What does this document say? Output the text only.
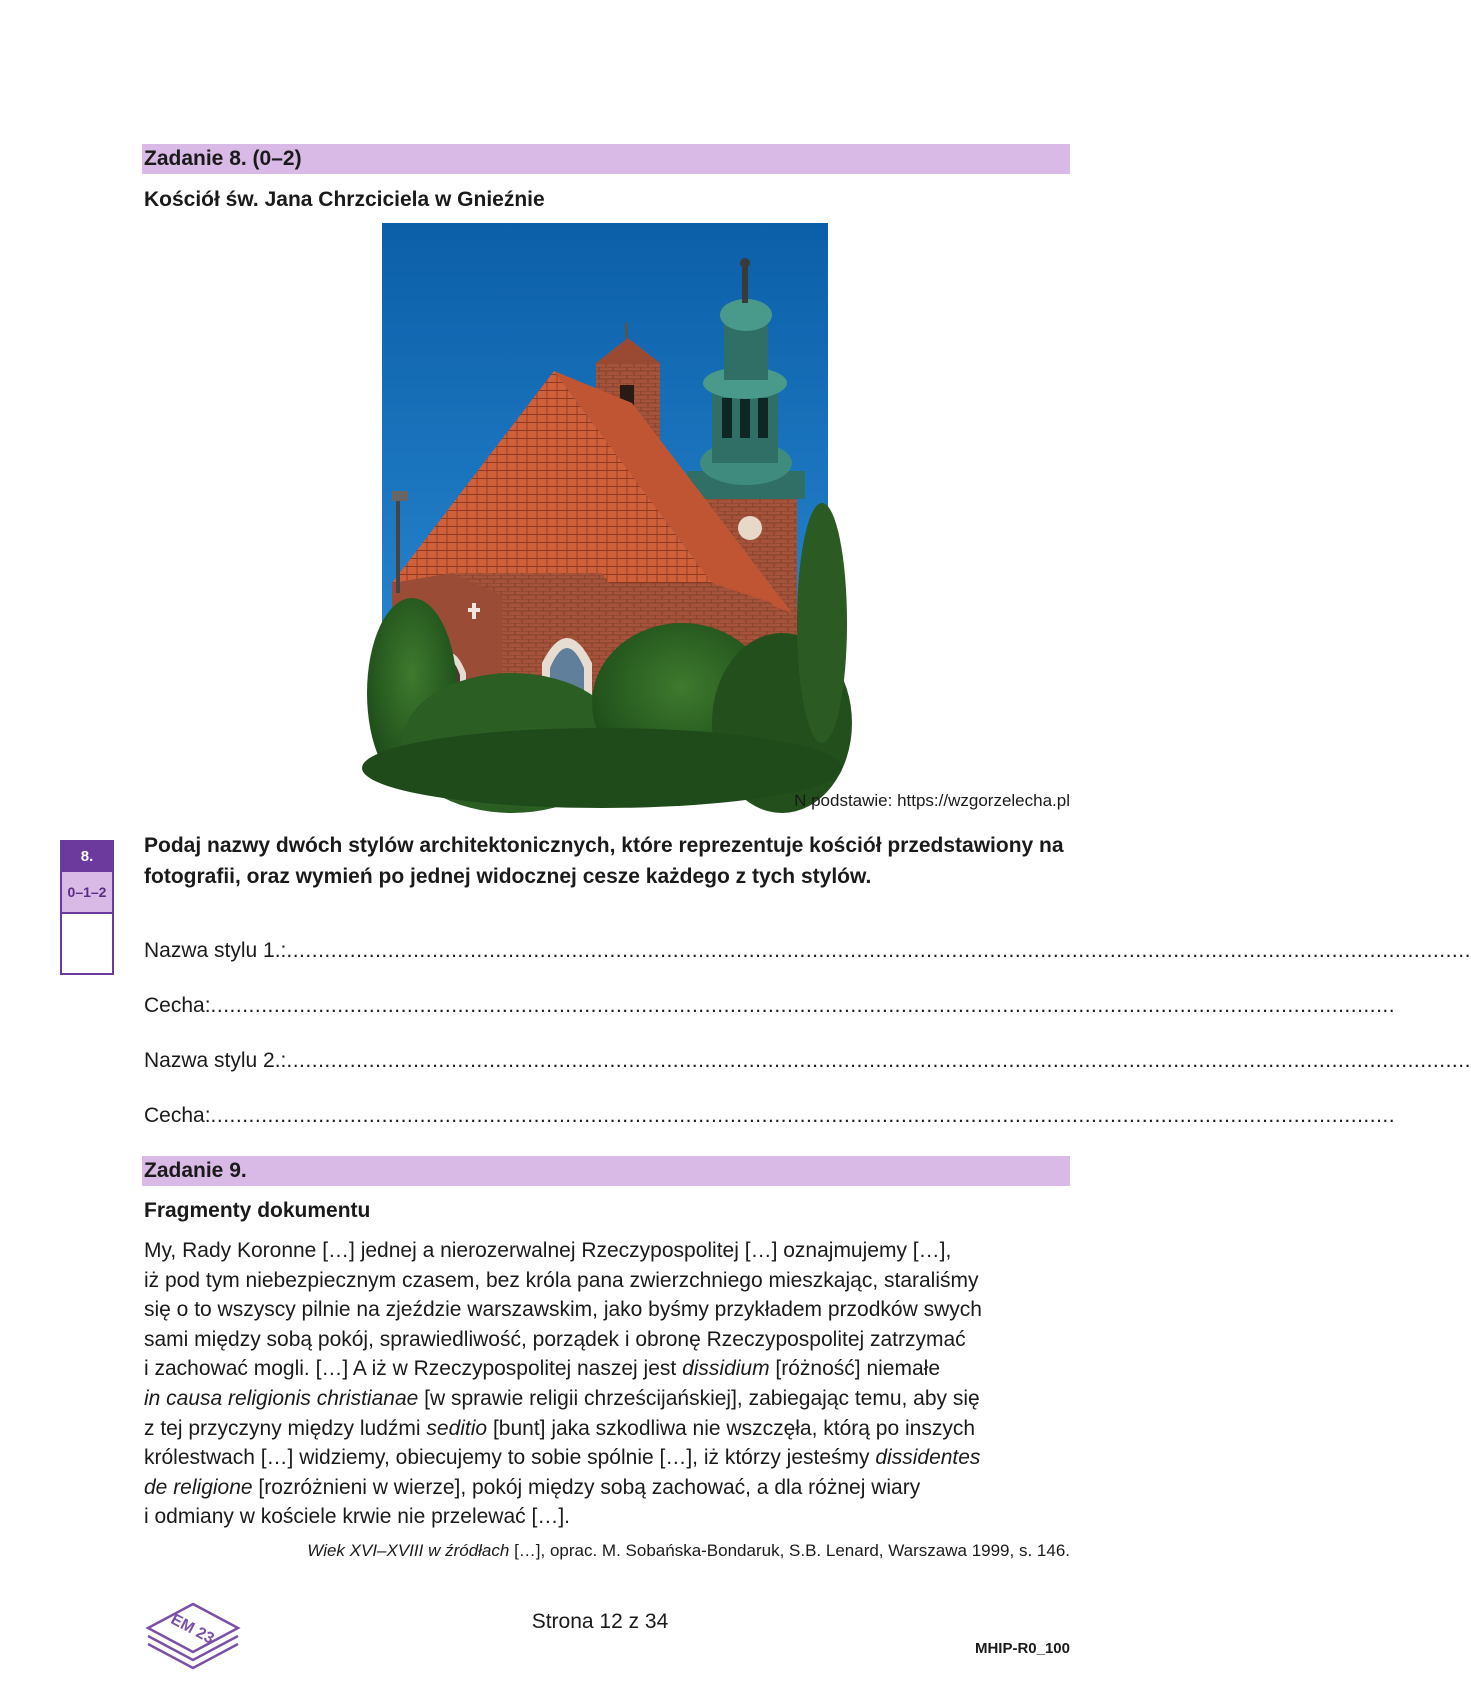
Zadanie 8. (0–2)
Kościół św. Jana Chrzciciela w Gnieźnie
N podstawie: https://wzgorzelecha.pl
8.
0–1–2
Podaj nazwy dwóch stylów architektonicznych, które reprezentuje kościół przedstawiony na fotografii, oraz wymień po jednej widocznej cesze każdego z tych stylów.
Nazwa stylu 1.: ...........................................................................................................................................................................................
Cecha: ...........................................................................................................................................................................................
Nazwa stylu 2.: ...........................................................................................................................................................................................
Cecha: ...........................................................................................................................................................................................
Zadanie 9.
Fragmenty dokumentu

My, Rady Koronne […] jednej a nierozerwalnej Rzeczypospolitej […] oznajmujemy […],

iż pod tym niebezpiecznym czasem, bez króla pana zwierzchniego mieszkając, staraliśmy

się o to wszyscy pilnie na zjeździe warszawskim, jako byśmy przykładem przodków swych

sami między sobą pokój, sprawiedliwość, porządek i obronę Rzeczypospolitej zatrzymać

i zachować mogli. […] A iż w Rzeczypospolitej naszej jest dissidium [różność] niemałe

in causa religionis christianae [w sprawie religii chrześcijańskiej], zabiegając temu, aby się

z tej przyczyny między ludźmi seditio [bunt] jaka szkodliwa nie wszczęła, którą po inszych

królestwach […] widziemy, obiecujemy to sobie spólnie […], iż którzy jesteśmy dissidentes

de religione [rozróżnieni w wierze], pokój między sobą zachować, a dla różnej wiary

i odmiany w kościele krwie nie przelewać […].

Wiek XVI–XVIII w źródłach […], oprac. M. Sobańska-Bondaruk, S.B. Lenard, Warszawa 1999, s. 146.
EM 23	Strona 12 z 34
MHIP-R0_100
